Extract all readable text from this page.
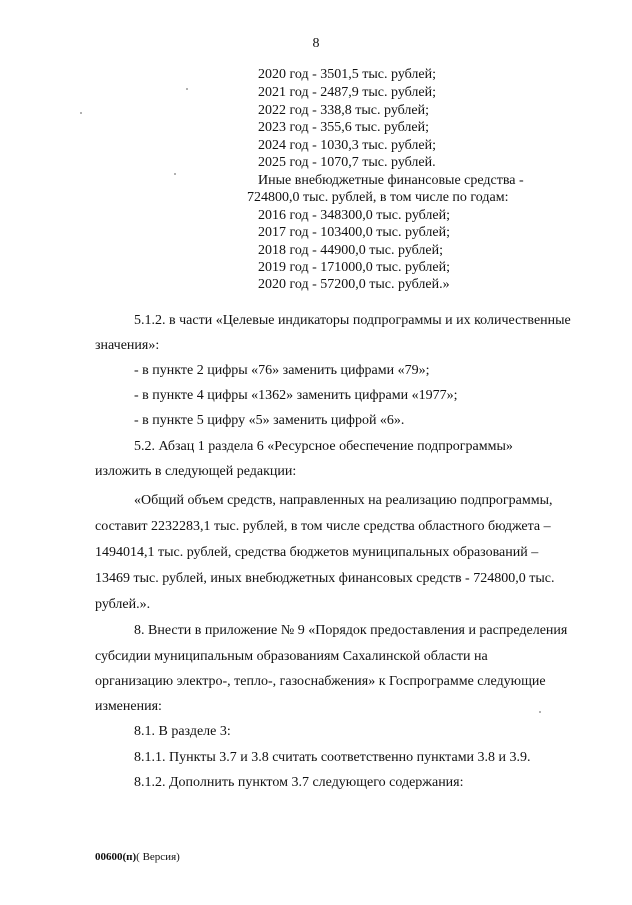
8
2020 год - 3501,5 тыс. рублей;
2021 год - 2487,9 тыс. рублей;
2022 год - 338,8 тыс. рублей;
2023 год - 355,6 тыс. рублей;
2024 год - 1030,3 тыс. рублей;
2025 год - 1070,7 тыс. рублей.
Иные внебюджетные финансовые средства -
724800,0 тыс. рублей, в том числе по годам:
2016 год - 348300,0 тыс. рублей;
2017 год - 103400,0 тыс. рублей;
2018 год - 44900,0 тыс. рублей;
2019 год - 171000,0 тыс. рублей;
2020 год - 57200,0 тыс. рублей.»
5.1.2. в части «Целевые индикаторы подпрограммы и их количественные
значения»:
- в пункте 2 цифры «76» заменить цифрами «79»;
- в пункте 4 цифры «1362» заменить цифрами «1977»;
- в пункте 5 цифру «5» заменить цифрой «6».
5.2. Абзац 1 раздела 6 «Ресурсное обеспечение подпрограммы»
изложить в следующей редакции:
«Общий объем средств, направленных на реализацию подпрограммы,
составит 2232283,1 тыс. рублей, в том числе средства областного бюджета –
1494014,1 тыс. рублей, средства бюджетов муниципальных образований –
13469 тыс. рублей, иных внебюджетных финансовых средств - 724800,0 тыс.
рублей.».
8. Внести в приложение № 9 «Порядок предоставления и распределения
субсидии муниципальным образованиям Сахалинской области на
организацию электро-, тепло-, газоснабжения» к Госпрограмме следующие
изменения:
8.1. В разделе 3:
8.1.1. Пункты 3.7 и 3.8 считать соответственно пунктами 3.8 и 3.9.
8.1.2. Дополнить пунктом 3.7 следующего содержания:
00600(п)( Версия)
